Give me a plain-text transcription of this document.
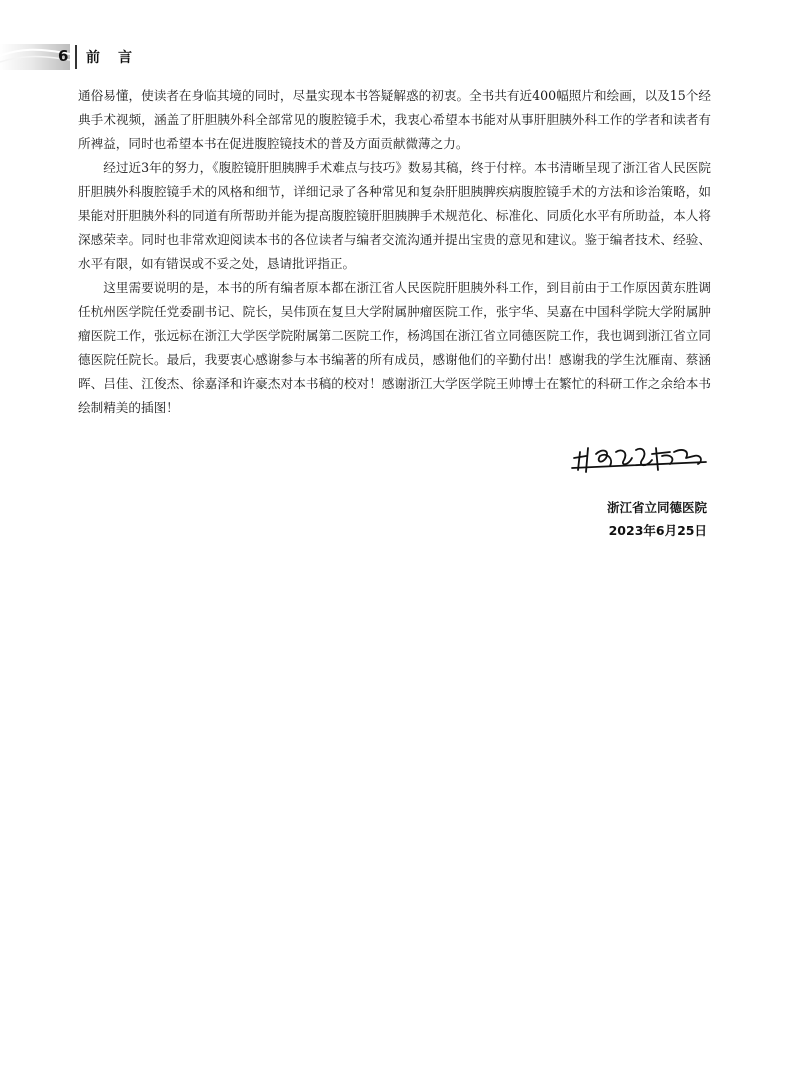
6 前言

通俗易懂，使读者在身临其境的同时，尽量实现本书答疑解惑的初衷。全书共有近400幅照片和绘画，以及15个经典手术视频，涵盖了肝胆胰外科全部常见的腹腔镜手术，我衷心希望本书能对从事肝胆胰外科工作的学者和读者有所裨益，同时也希望本书在促进腹腔镜技术的普及方面贡献微薄之力。

经过近3年的努力，《腹腔镜肝胆胰脾手术难点与技巧》数易其稿，终于付梓。本书清晰呈现了浙江省人民医院肝胆胰外科腹腔镜手术的风格和细节，详细记录了各种常见和复杂肝胆胰脾疾病腹腔镜手术的方法和诊治策略，如果能对肝胆胰外科的同道有所帮助并能为提高腹腔镜肝胆胰脾手术规范化、标准化、同质化水平有所助益，本人将深感荣幸。同时也非常欢迎阅读本书的各位读者与编者交流沟通并提出宝贵的意见和建议。鉴于编者技术、经验、水平有限，如有错误或不妥之处，恳请批评指正。

这里需要说明的是，本书的所有编者原本都在浙江省人民医院肝胆胰外科工作，到目前由于工作原因黄东胜调任杭州医学院任党委副书记、院长，吴伟顶在复旦大学附属肿瘤医院工作，张宇华、吴嘉在中国科学院大学附属肿瘤医院工作，张远标在浙江大学医学院附属第二医院工作，杨鸿国在浙江省立同德医院工作，我也调到浙江省立同德医院任院长。最后，我要衷心感谢参与本书编著的所有成员，感谢他们的辛勤付出！感谢我的学生沈雁南、蔡涵晖、吕佳、江俊杰、徐嘉泽和许豪杰对本书稿的校对！感谢浙江大学医学院王帅博士在繁忙的科研工作之余给本书绘制精美的插图！

浙江省立同德医院
2023年6月25日
